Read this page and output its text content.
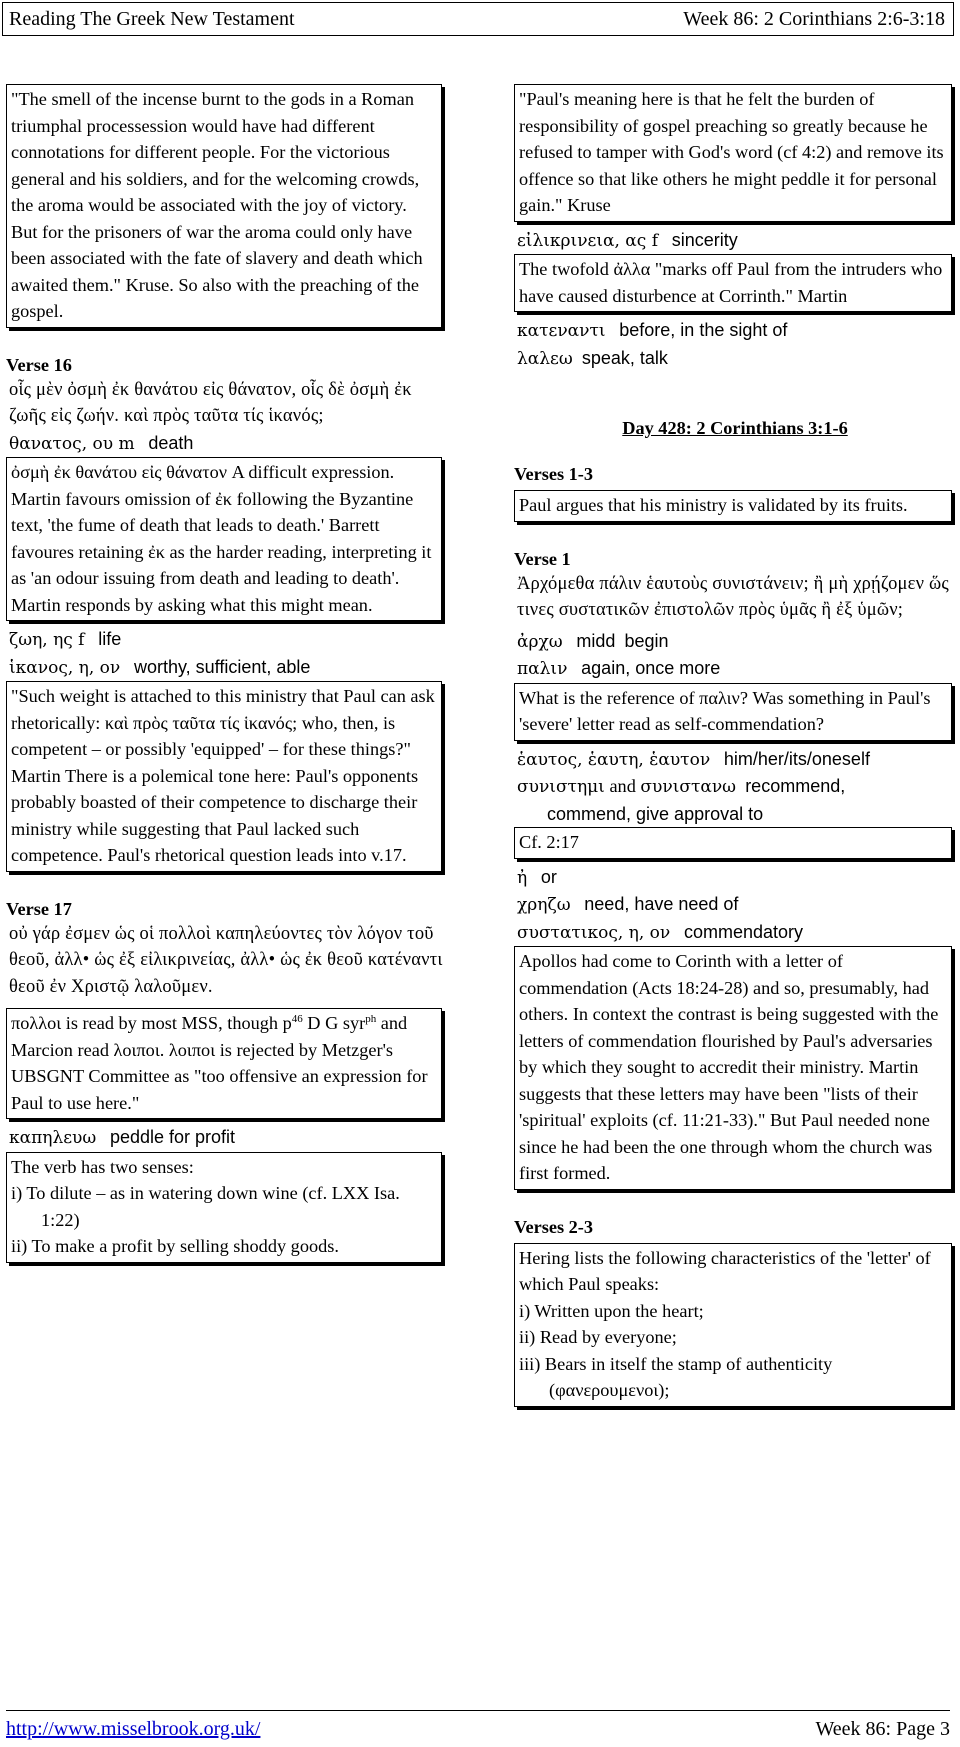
Reading The Greek New Testament	Week 86: 2 Corinthians 2:6-3:18
"The smell of the incense burnt to the gods in a Roman triumphal processession would have had different connotations for different people. For the victorious general and his soldiers, and for the welcoming crowds, the aroma would be associated with the joy of victory. But for the prisoners of war the aroma could only have been associated with the fate of slavery and death which awaited them." Kruse. So also with the preaching of the gospel.
Verse 16
οἷς μὲν ὀσμὴ ἐκ θανάτου εἰς θάνατον, οἷς δὲ ὀσμὴ ἐκ ζωῆς εἰς ζωήν. καὶ πρὸς ταῦτα τίς ἱκανός;
θανατος, ου m death
ὀσμὴ ἐκ θανάτου εἰς θάνατον A difficult expression. Martin favours omission of ἐκ following the Byzantine text, 'the fume of death that leads to death.' Barrett favoures retaining ἐκ as the harder reading, interpreting it as 'an odour issuing from death and leading to death'. Martin responds by asking what this might mean.
ζωη, ης f life
ἱκανος, η, ον worthy, sufficient, able
"Such weight is attached to this ministry that Paul can ask rhetorically: καὶ πρὸς ταῦτα τίς ἱκανός; who, then, is competent – or possibly 'equipped' – for these things?" Martin There is a polemical tone here: Paul's opponents probably boasted of their competence to discharge their ministry while suggesting that Paul lacked such competence. Paul's rhetorical question leads into v.17.
Verse 17
οὐ γάρ ἐσμεν ὡς οἱ πολλοὶ καπηλεύοντες τὸν λόγον τοῦ θεοῦ, ἀλλ• ὡς ἐξ εἰλικρινείας, ἀλλ• ὡς ἐκ θεοῦ κατέναντι θεοῦ ἐν Χριστῷ λαλοῦμεν.
πολλοι is read by most MSS, though $p^{46}$ D G syr$^{ph}$ and Marcion read λοιποι. λοιποι is rejected by Metzger's UBSGNT Committee as "too offensive an expression for Paul to use here."
καπηλευω peddle for profit
The verb has two senses:
i) To dilute – as in watering down wine (cf. LXX Isa. 1:22)
ii) To make a profit by selling shoddy goods.
"Paul's meaning here is that he felt the burden of responsibility of gospel preaching so greatly because he refused to tamper with God's word (cf 4:2) and remove its offence so that like others he might peddle it for personal gain." Kruse
εἰλικρινεια, ας f sincerity
The twofold ἀλλα "marks off Paul from the intruders who have caused disturbence at Corrinth." Martin
κατεναντι before, in the sight of
λαλεω speak, talk
Day 428: 2 Corinthians 3:1-6
Verses 1-3
Paul argues that his ministry is validated by its fruits.
Verse 1
Ἀρχόμεθα πάλιν ἑαυτοὺς συνιστάνειν; ἢ μὴ χρῄζομεν ὥς τινες συστατικῶν ἐπιστολῶν πρὸς ὑμᾶς ἢ ἐξ ὑμῶν;
ἀρχω midd begin
παλιν again, once more
What is the reference of παλιν? Was something in Paul's 'severe' letter read as self-commendation?
ἑαυτος, ἑαυτη, ἑαυτον him/her/its/oneself
συνιστημι and συνιστανω recommend,
commend, give approval to
Cf. 2:17
ἠ or
χρηζω need, have need of
συστατικος, η, ον commendatory
Apollos had come to Corinth with a letter of commendation (Acts 18:24-28) and so, presumably, had others. In context the contrast is being suggested with the letters of commendation flourished by Paul's adversaries by which they sought to accredit their ministry. Martin suggests that these letters may have been "lists of their 'spiritual' exploits (cf. 11:21-33)." But Paul needed none since he had been the one through whom the church was first formed.
Verses 2-3
Hering lists the following characteristics of the 'letter' of which Paul speaks:
i) Written upon the heart;
ii) Read by everyone;
iii) Bears in itself the stamp of authenticity
(φανερουμενοι);
http://www.misselbrook.org.uk/	Week 86: Page 3
